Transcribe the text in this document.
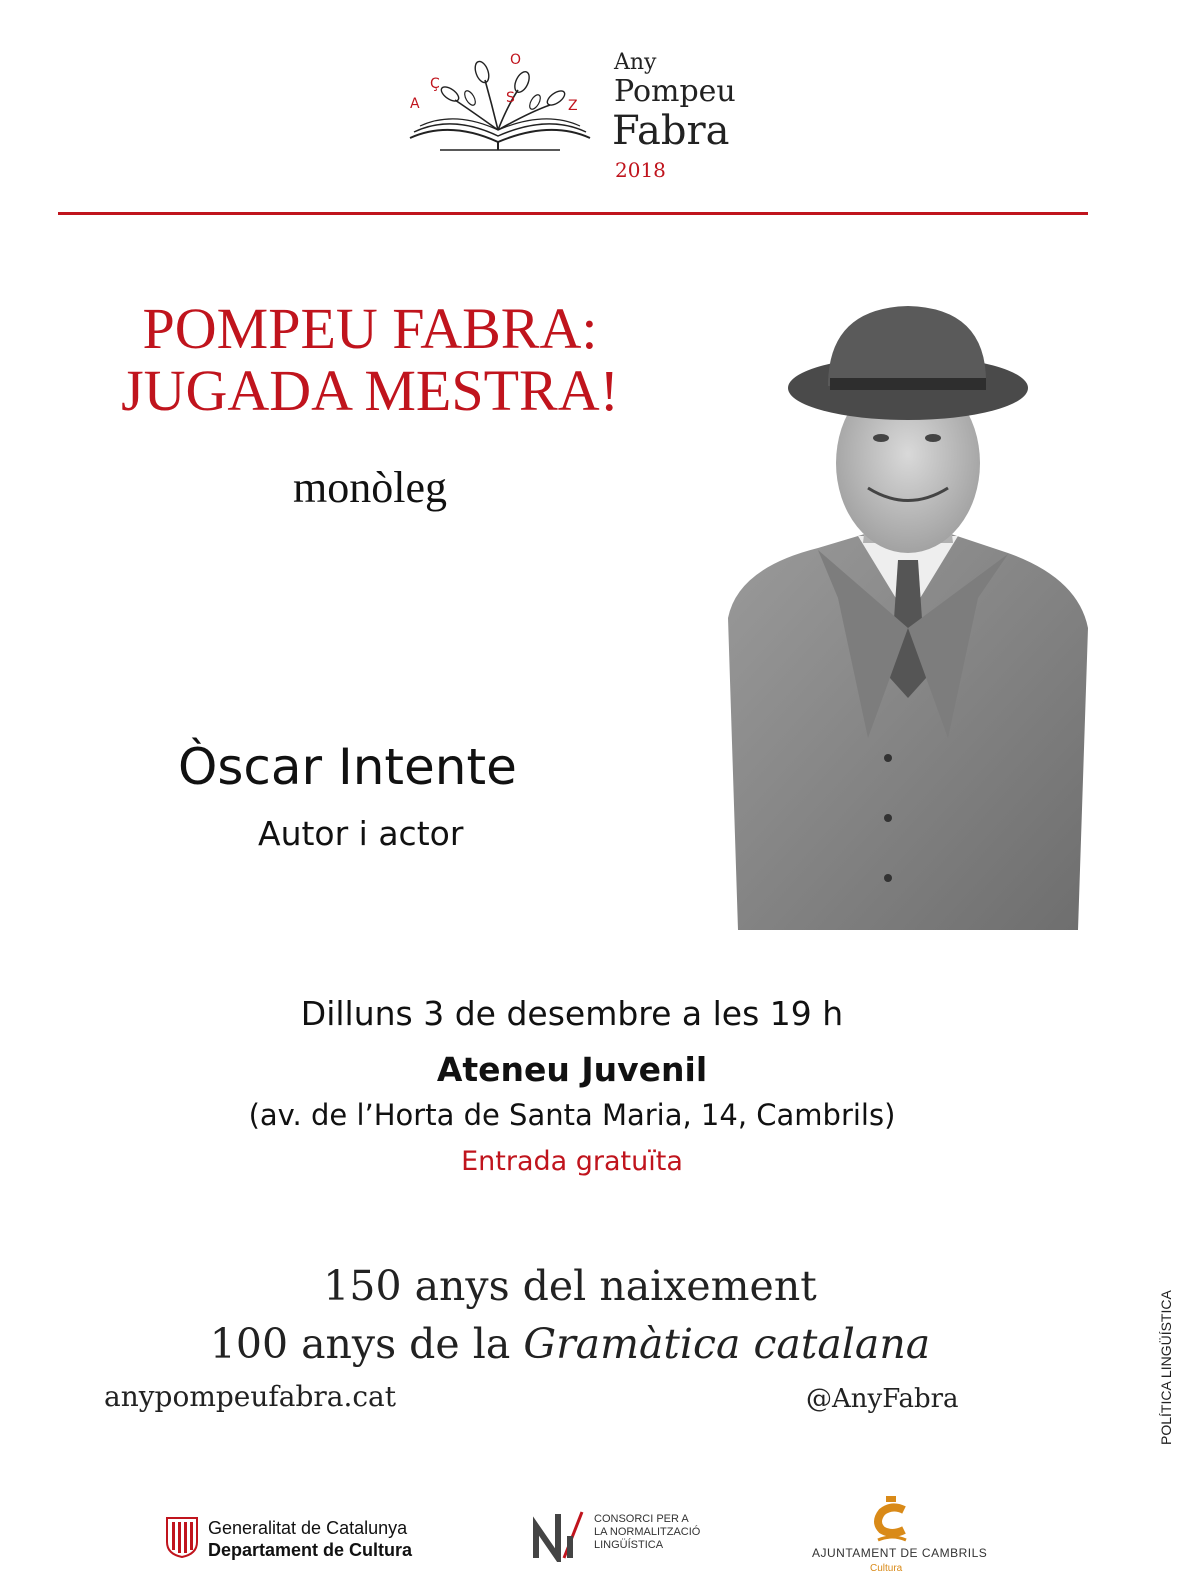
A
Ç
O
S	Z
Any
Pompeu
Fabra
2018
POMPEU FABRA:
JUGADA MESTRA!
monòleg
Òscar Intente
Autor i actor
Dilluns 3 de desembre a les 19 h
Ateneu Juvenil
(av. de l’Horta de Santa Maria, 14, Cambrils)
Entrada gratuïta
150 anys del naixement
100 anys de la Gramàtica catalana
anypompeufabra.cat	@AnyFabra	POLÍTICA LINGÜÍSTICA
Generalitat de Catalunya
Departament de Cultura
CONSORCI PER A
LA NORMALITZACIÓ
LINGÜÍSTICA
AJUNTAMENT DE CAMBRILS
Cultura
